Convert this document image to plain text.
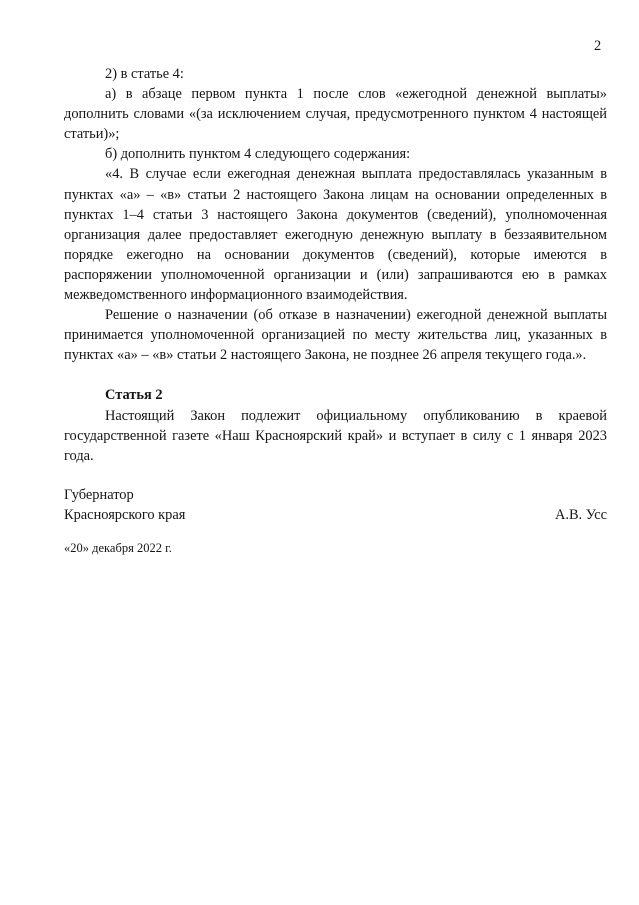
2

2) в статье 4:

а) в абзаце первом пункта 1 после слов «ежегодной денежной выплаты» дополнить словами «(за исключением случая, предусмотренного пунктом 4 настоящей статьи)»;

б) дополнить пунктом 4 следующего содержания:

«4. В случае если ежегодная денежная выплата предоставлялась указанным в пунктах «а» – «в» статьи 2 настоящего Закона лицам на основании определенных в пунктах 1–4 статьи 3 настоящего Закона документов (сведений), уполномоченная организация далее предоставляет ежегодную денежную выплату в беззаявительном порядке ежегодно на основании документов (сведений), которые имеются в распоряжении уполномоченной организации и (или) запрашиваются ею в рамках межведомственного информационного взаимодействия.

Решение о назначении (об отказе в назначении) ежегодной денежной выплаты принимается уполномоченной организацией по месту жительства лиц, указанных в пунктах «а» – «в» статьи 2 настоящего Закона, не позднее 26 апреля текущего года.».

Статья 2

Настоящий Закон подлежит официальному опубликованию в краевой государственной газете «Наш Красноярский край» и вступает в силу с 1 января 2023 года.

Губернатор
Красноярского края	А.В. Усс
«20» декабря 2022 г.
